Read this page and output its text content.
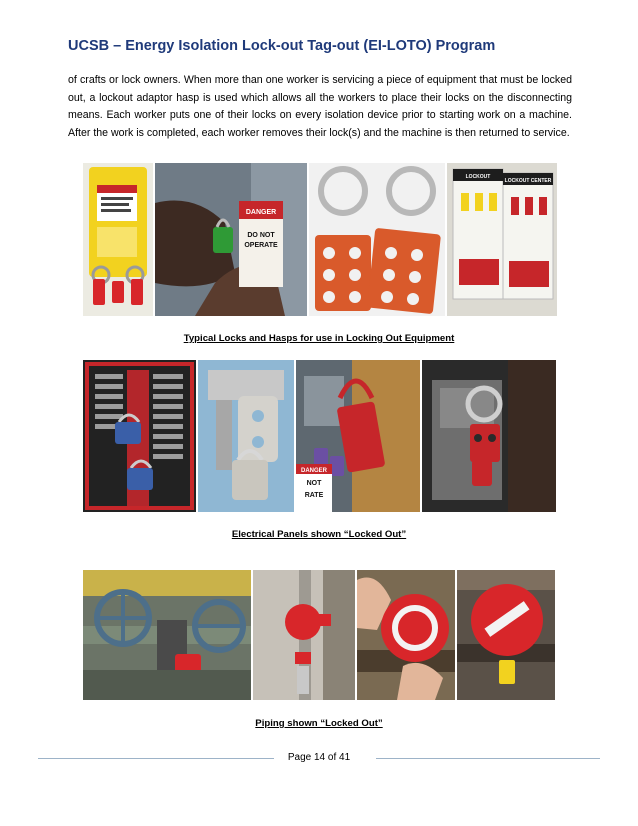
UCSB – Energy Isolation Lock-out Tag-out (EI-LOTO) Program

of crafts or lock owners. When more than one worker is servicing a piece of equipment that must be locked out, a lockout adaptor hasp is used which allows all the workers to place their locks on the disconnecting means. Each worker puts one of their locks on every isolation device prior to starting work on a machine. After the work is completed, each worker removes their lock(s) and the machine is then returned to service.

DANGER
DO NOT
OPERATE
LOCKOUT
LOCKOUT CENTER
Typical Locks and Hasps for use in Locking Out Equipment
DANGER
NOT
RATE
Electrical Panels shown “Locked Out”
Piping shown “Locked Out”
Page 14 of 41
